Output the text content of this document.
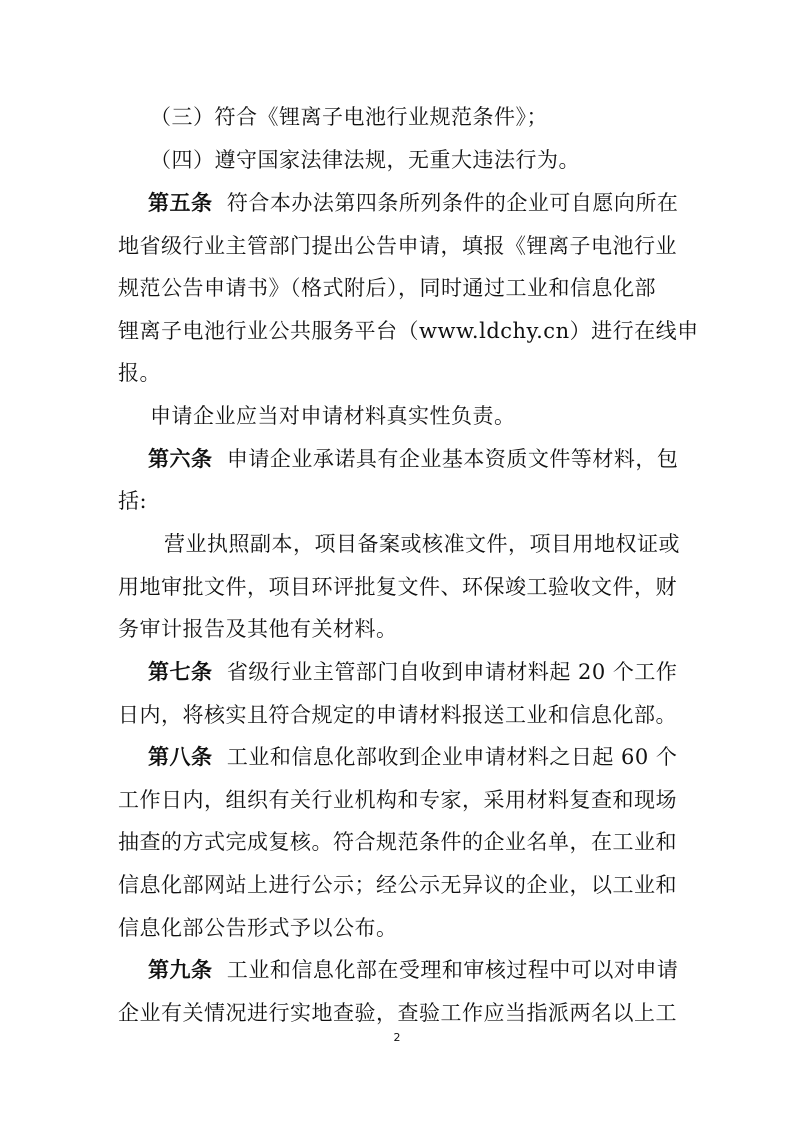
（三）符合《锂离子电池行业规范条件》；
（四）遵守国家法律法规，无重大违法行为。
第五条 符合本办法第四条所列条件的企业可自愿向所在
地省级行业主管部门提出公告申请，填报《锂离子电池行业
规范公告申请书》（格式附后），同时通过工业和信息化部
锂离子电池行业公共服务平台（www.ldchy.cn）进行在线申
报。
申请企业应当对申请材料真实性负责。
第六条 申请企业承诺具有企业基本资质文件等材料，包
括:
营业执照副本，项目备案或核准文件，项目用地权证或
用地审批文件，项目环评批复文件、环保竣工验收文件，财
务审计报告及其他有关材料。
第七条 省级行业主管部门自收到申请材料起 20 个工作
日内，将核实且符合规定的申请材料报送工业和信息化部。
第八条 工业和信息化部收到企业申请材料之日起 60 个
工作日内，组织有关行业机构和专家，采用材料复查和现场
抽查的方式完成复核。符合规范条件的企业名单，在工业和
信息化部网站上进行公示；经公示无异议的企业，以工业和
信息化部公告形式予以公布。
第九条 工业和信息化部在受理和审核过程中可以对申请
企业有关情况进行实地查验，查验工作应当指派两名以上工
2
